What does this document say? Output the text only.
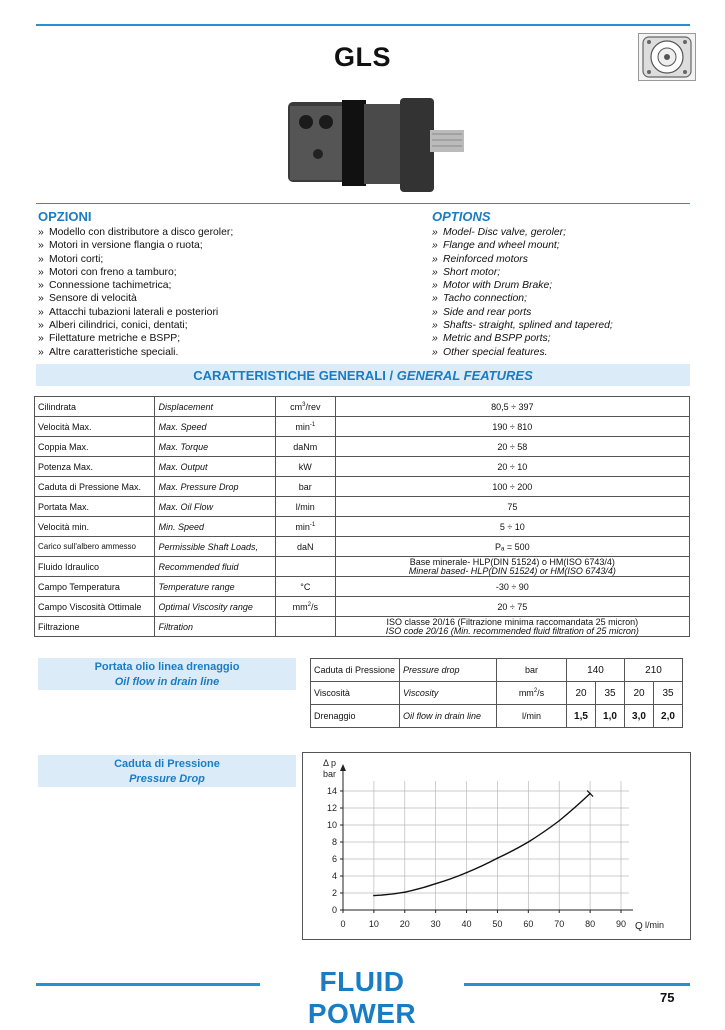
GLS
OPZIONI
» Modello con distributore a disco geroler;
» Motori in versione flangia o ruota;
» Motori corti;
» Motori con freno a tamburo;
» Connessione tachimetrica;
» Sensore di velocità
» Attacchi tubazioni laterali e posteriori
» Alberi cilindrici, conici, dentati;
» Filettature metriche e BSPP;
» Altre caratteristiche speciali.
OPTIONS
» Model- Disc valve, geroler;
» Flange and wheel mount;
» Reinforced motors
» Short motor;
» Motor with Drum Brake;
» Tacho connection;
» Side and rear ports
» Shafts- straight, splined and tapered;
» Metric and BSPP ports;
» Other special features.
CARATTERISTICHE GENERALI / GENERAL FEATURES
Cilindrata	Displacement	$cm^3$/rev	80,5 ÷ 397
Velocità Max.	Max. Speed	$\min^{-1}$	190 ÷ 810
Coppia Max.	Max. Torque	daNm	20 ÷ 58
Potenza Max.	Max. Output	kW	20 ÷ 10
Caduta di Pressione Max.	Max. Pressure Drop	bar	100 ÷ 200
Portata Max.	Max. Oil Flow	l/min	75
Velocità min.	Min. Speed	$\min^{-1}$	5 ÷ 10
Carico sull'albero ammesso	Permissible Shaft Loads,	daN	Pₐ = 500
Fluido Idraulico	Recommended fluid		Base minerale- HLP(DIN 51524) o HM(ISO 6743/4)
Mineral based- HLP(DIN 51524) or HM(ISO 6743/4)

Campo Temperatura	Temperature range	°C	-30 ÷ 90
Campo Viscosità Ottimale	Optimal Viscosity range	$mm^2/s$	20 ÷ 75
Filtrazione	Filtration		ISO classe 20/16 (Filtrazione minima raccomandata 25 micron)
ISO code 20/16 (Min. recommended fluid filtration of 25 micron)
Portata olio linea drenaggio
Oil flow in drain line
Caduta di Pressione	Pressure drop	bar	140		210	
Viscosità	Viscosity	$mm^2/s$	20	35	20	35
Drenaggio	Oil flow in drain line	l/min	1,5	1,0	3,0	2,0
Caduta di Pressione
Pressure Drop
0	10 20 30 40 50 60 70 80 90
0
2
4
6
8
10
12
14
Δ p
bar
Q l/min
FLUID POWER
75
